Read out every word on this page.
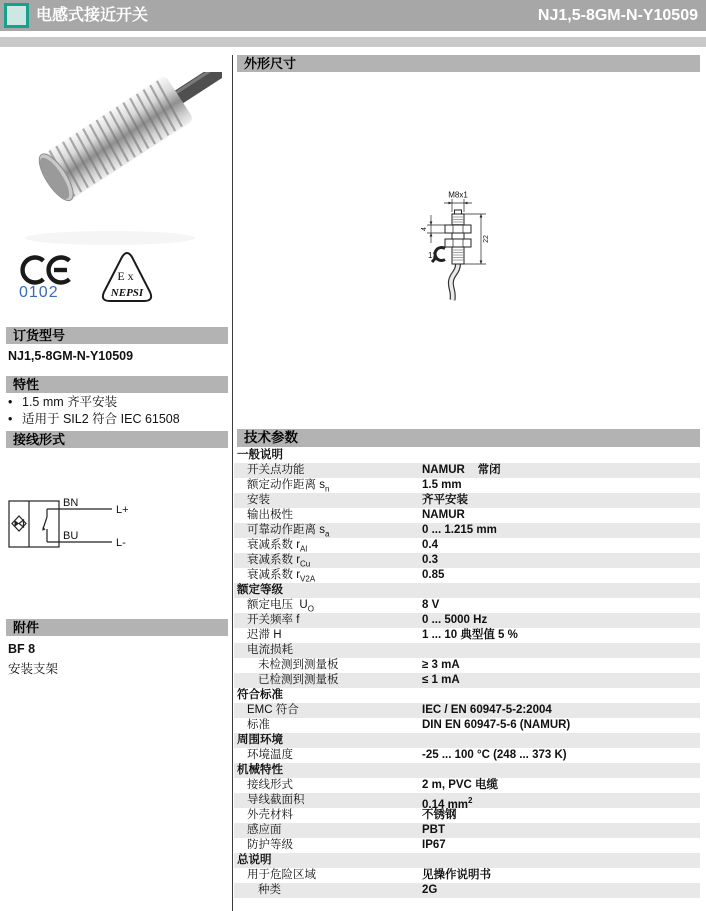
电感式接近开关	NJ1,5-8GM-N-Y10509
0102
Ex
NEPSI
订货型号
NJ1,5-8GM-N-Y10509
特性
• 1.5 mm 齐平安装
• 适用于 SIL2 符合 IEC 61508
接线形式
BN
BU
L+
L-
附件
BF 8
安装支架
外形尺寸
M8x1
4
22
13
技术参数
一般说明
开关点功能	NAMUR    常闭
额定动作距离 $s_n$	1.5 mm
安装	齐平安装
输出极性	NAMUR
可靠动作距离 $s_a$	0 ... 1.215 mm
衰减系数 $r_{Al}$	0.4
衰减系数 $r_{Cu}$	0.3
衰减系数 $r_{V2A}$	0.85
额定等级
额定电压  $U_O$	8 V
开关频率 f	0 ... 5000 Hz
迟滞 H	1 ... 10 典型值 5 %
电流损耗
未检测到测量板	≥ 3 mA
已检测到测量板	≤ 1 mA
符合标准
EMC 符合	IEC / EN 60947-5-2:2004
标准	DIN EN 60947-5-6 (NAMUR)
周围环境
环境温度	-25 ... 100 °C (248 ... 373 K)
机械特性
接线形式	2 m, PVC 电缆
导线截面积	0.14 $mm^2$
外壳材料	不锈钢
感应面	PBT
防护等级	IP67
总说明
用于危险区域	见操作说明书
种类	2G
